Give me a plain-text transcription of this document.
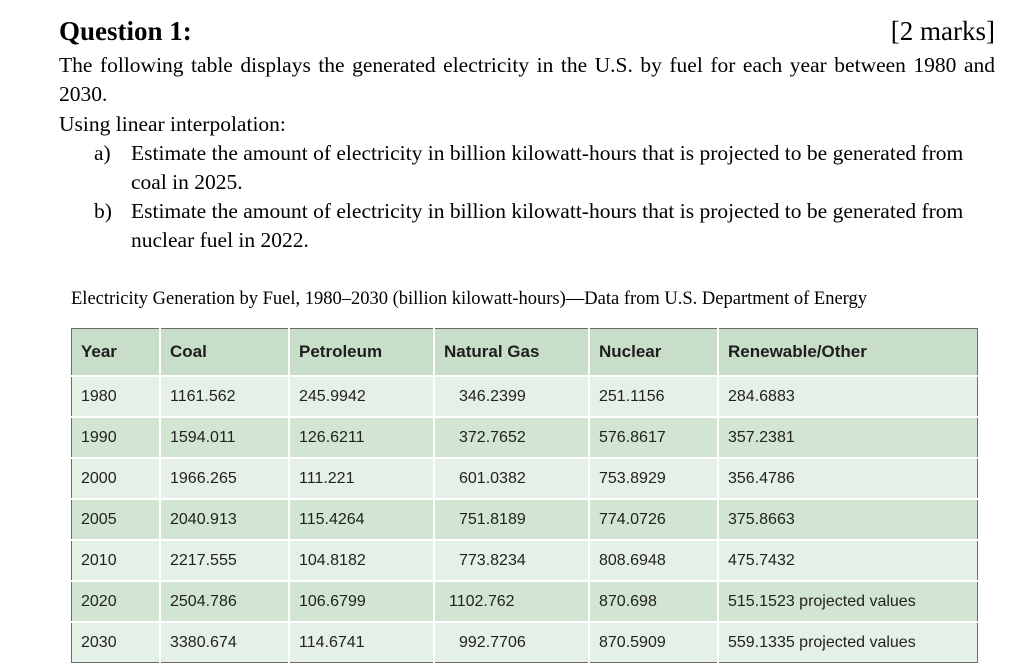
Question 1:	[2 marks]
The following table displays the generated electricity in the U.S. by fuel for each year between 1980 and 2030.
Using linear interpolation:
a) Estimate the amount of electricity in billion kilowatt-hours that is projected to be generated from coal in 2025.
b) Estimate the amount of electricity in billion kilowatt-hours that is projected to be generated from nuclear fuel in 2022.
Electricity Generation by Fuel, 1980–2030 (billion kilowatt-hours)—Data from U.S. Department of Energy
Year	Coal	Petroleum	Natural Gas	Nuclear	Renewable/Other
1980	1161.562	245.9942	346.2399	251.1156	284.6883
1990	1594.011	126.6211	372.7652	576.8617	357.2381
2000	1966.265	111.221	601.0382	753.8929	356.4786
2005	2040.913	115.4264	751.8189	774.0726	375.8663
2010	2217.555	104.8182	773.8234	808.6948	475.7432
2020	2504.786	106.6799	1102.762	870.698	515.1523 projected values
2030	3380.674	114.6741	992.7706	870.5909	559.1335 projected values
